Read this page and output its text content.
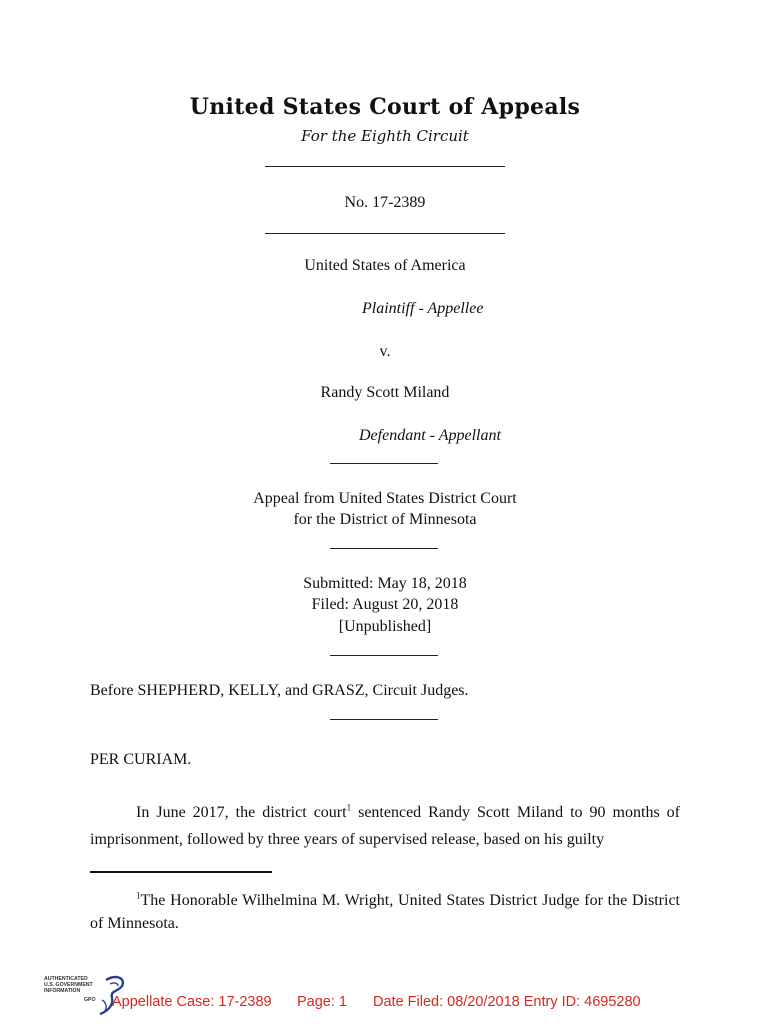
United States Court of Appeals
For the Eighth Circuit
No. 17-2389
United States of America
Plaintiff - Appellee
v.
Randy Scott Miland
Defendant - Appellant
Appeal from United States District Court
for the District of Minnesota
Submitted: May 18, 2018
Filed: August 20, 2018
[Unpublished]
Before SHEPHERD, KELLY, and GRASZ, Circuit Judges.
PER CURIAM.
In June 2017, the district court$^1$ sentenced Randy Scott Miland to 90 months of imprisonment, followed by three years of supervised release, based on his guilty
$^1$The Honorable Wilhelmina M. Wright, United States District Judge for the District of Minnesota.
AUTHENTICATED
U.S. GOVERNMENT
INFORMATION
GPO Appellate Case: 17-2389 Page: 1 Date Filed: 08/20/2018 Entry ID: 4695280
